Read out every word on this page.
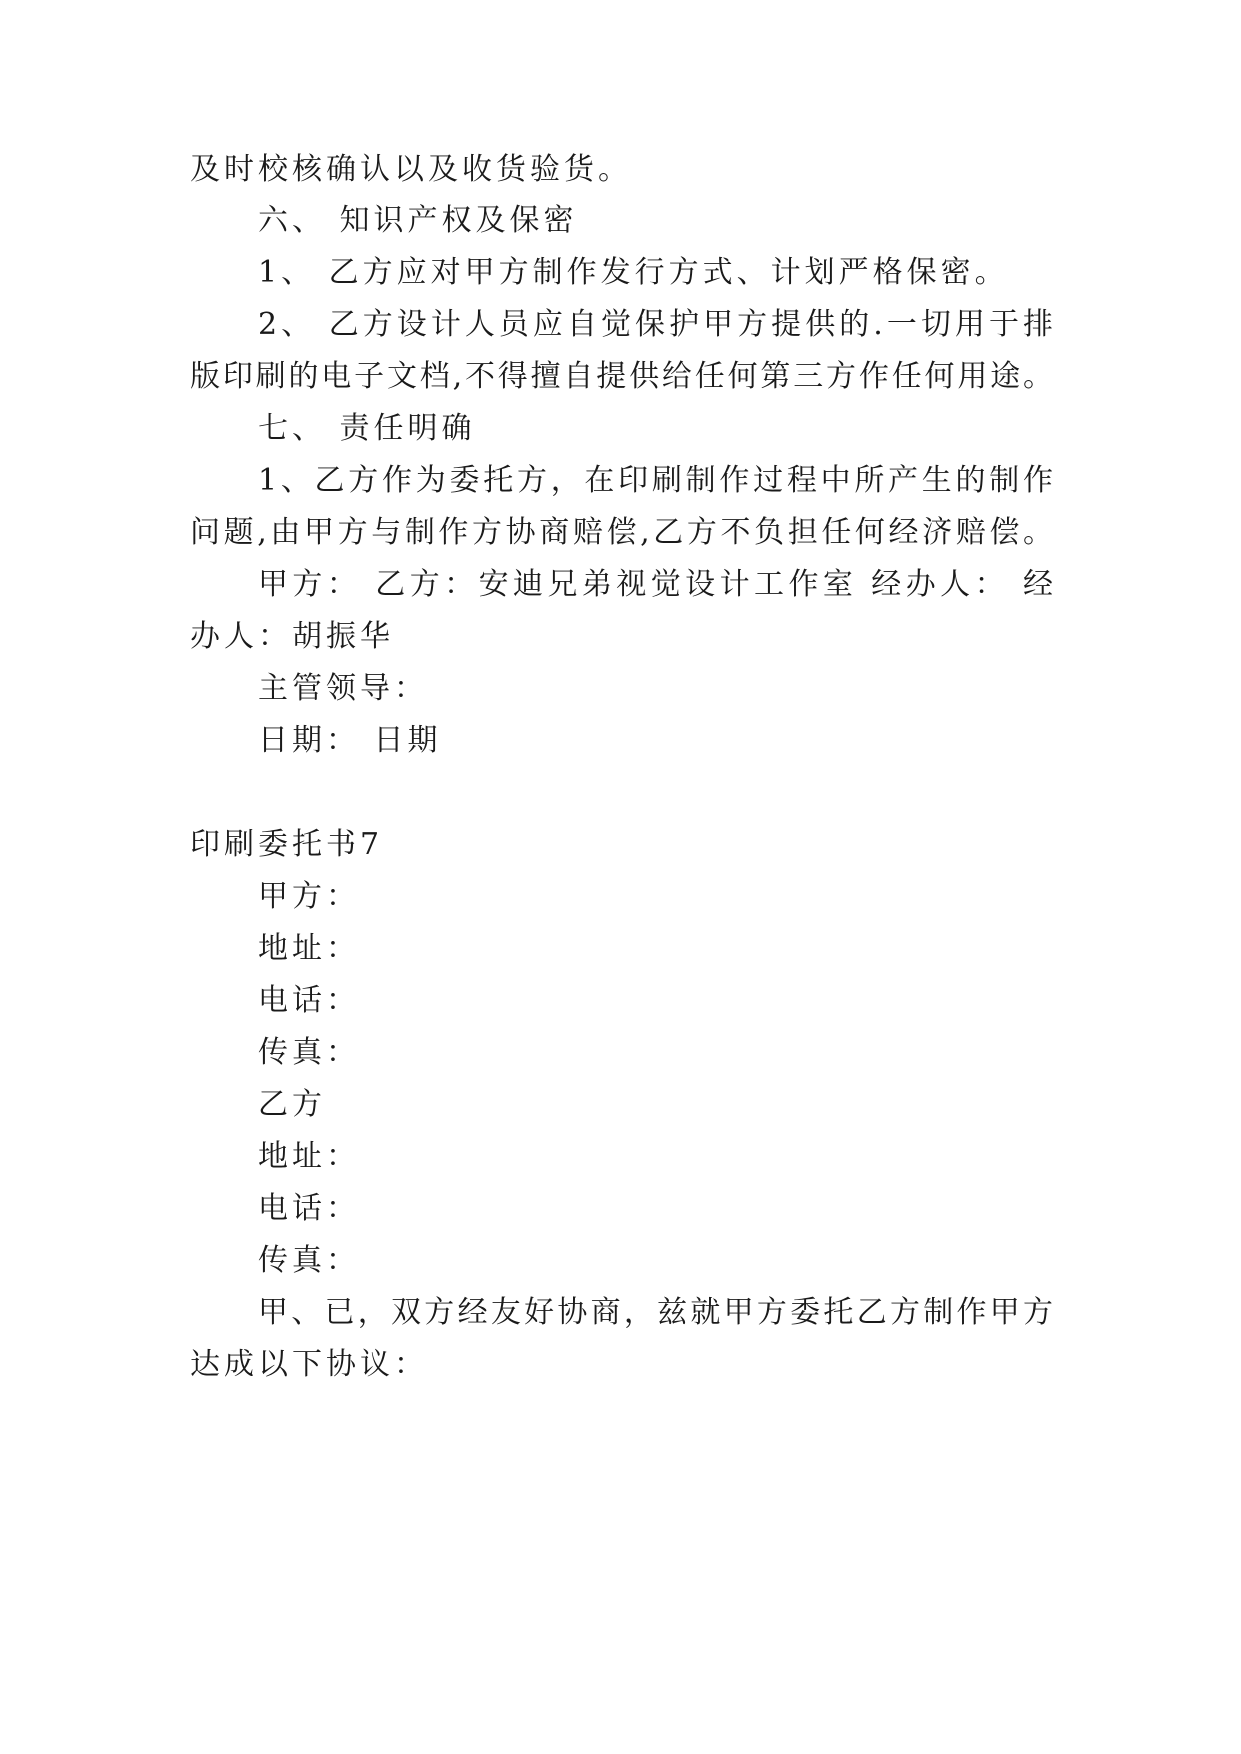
及时校核确认以及收货验货。
六、 知识产权及保密
1、 乙方应对甲方制作发行方式、计划严格保密。
2、 乙方设计人员应自觉保护甲方提供的.一切用于排
版印刷的电子文档,不得擅自提供给任何第三方作任何用途。
七、 责任明确
1、乙方作为委托方，在印刷制作过程中所产生的制作
问题,由甲方与制作方协商赔偿,乙方不负担任何经济赔偿。
甲方： 乙方：安迪兄弟视觉设计工作室 经办人： 经
办人：胡振华
主管领导：
日期： 日期
印刷委托书7
甲方：
地址：
电话：
传真：
乙方
地址：
电话：
传真：
甲、已，双方经友好协商，兹就甲方委托乙方制作甲方
达成以下协议：
